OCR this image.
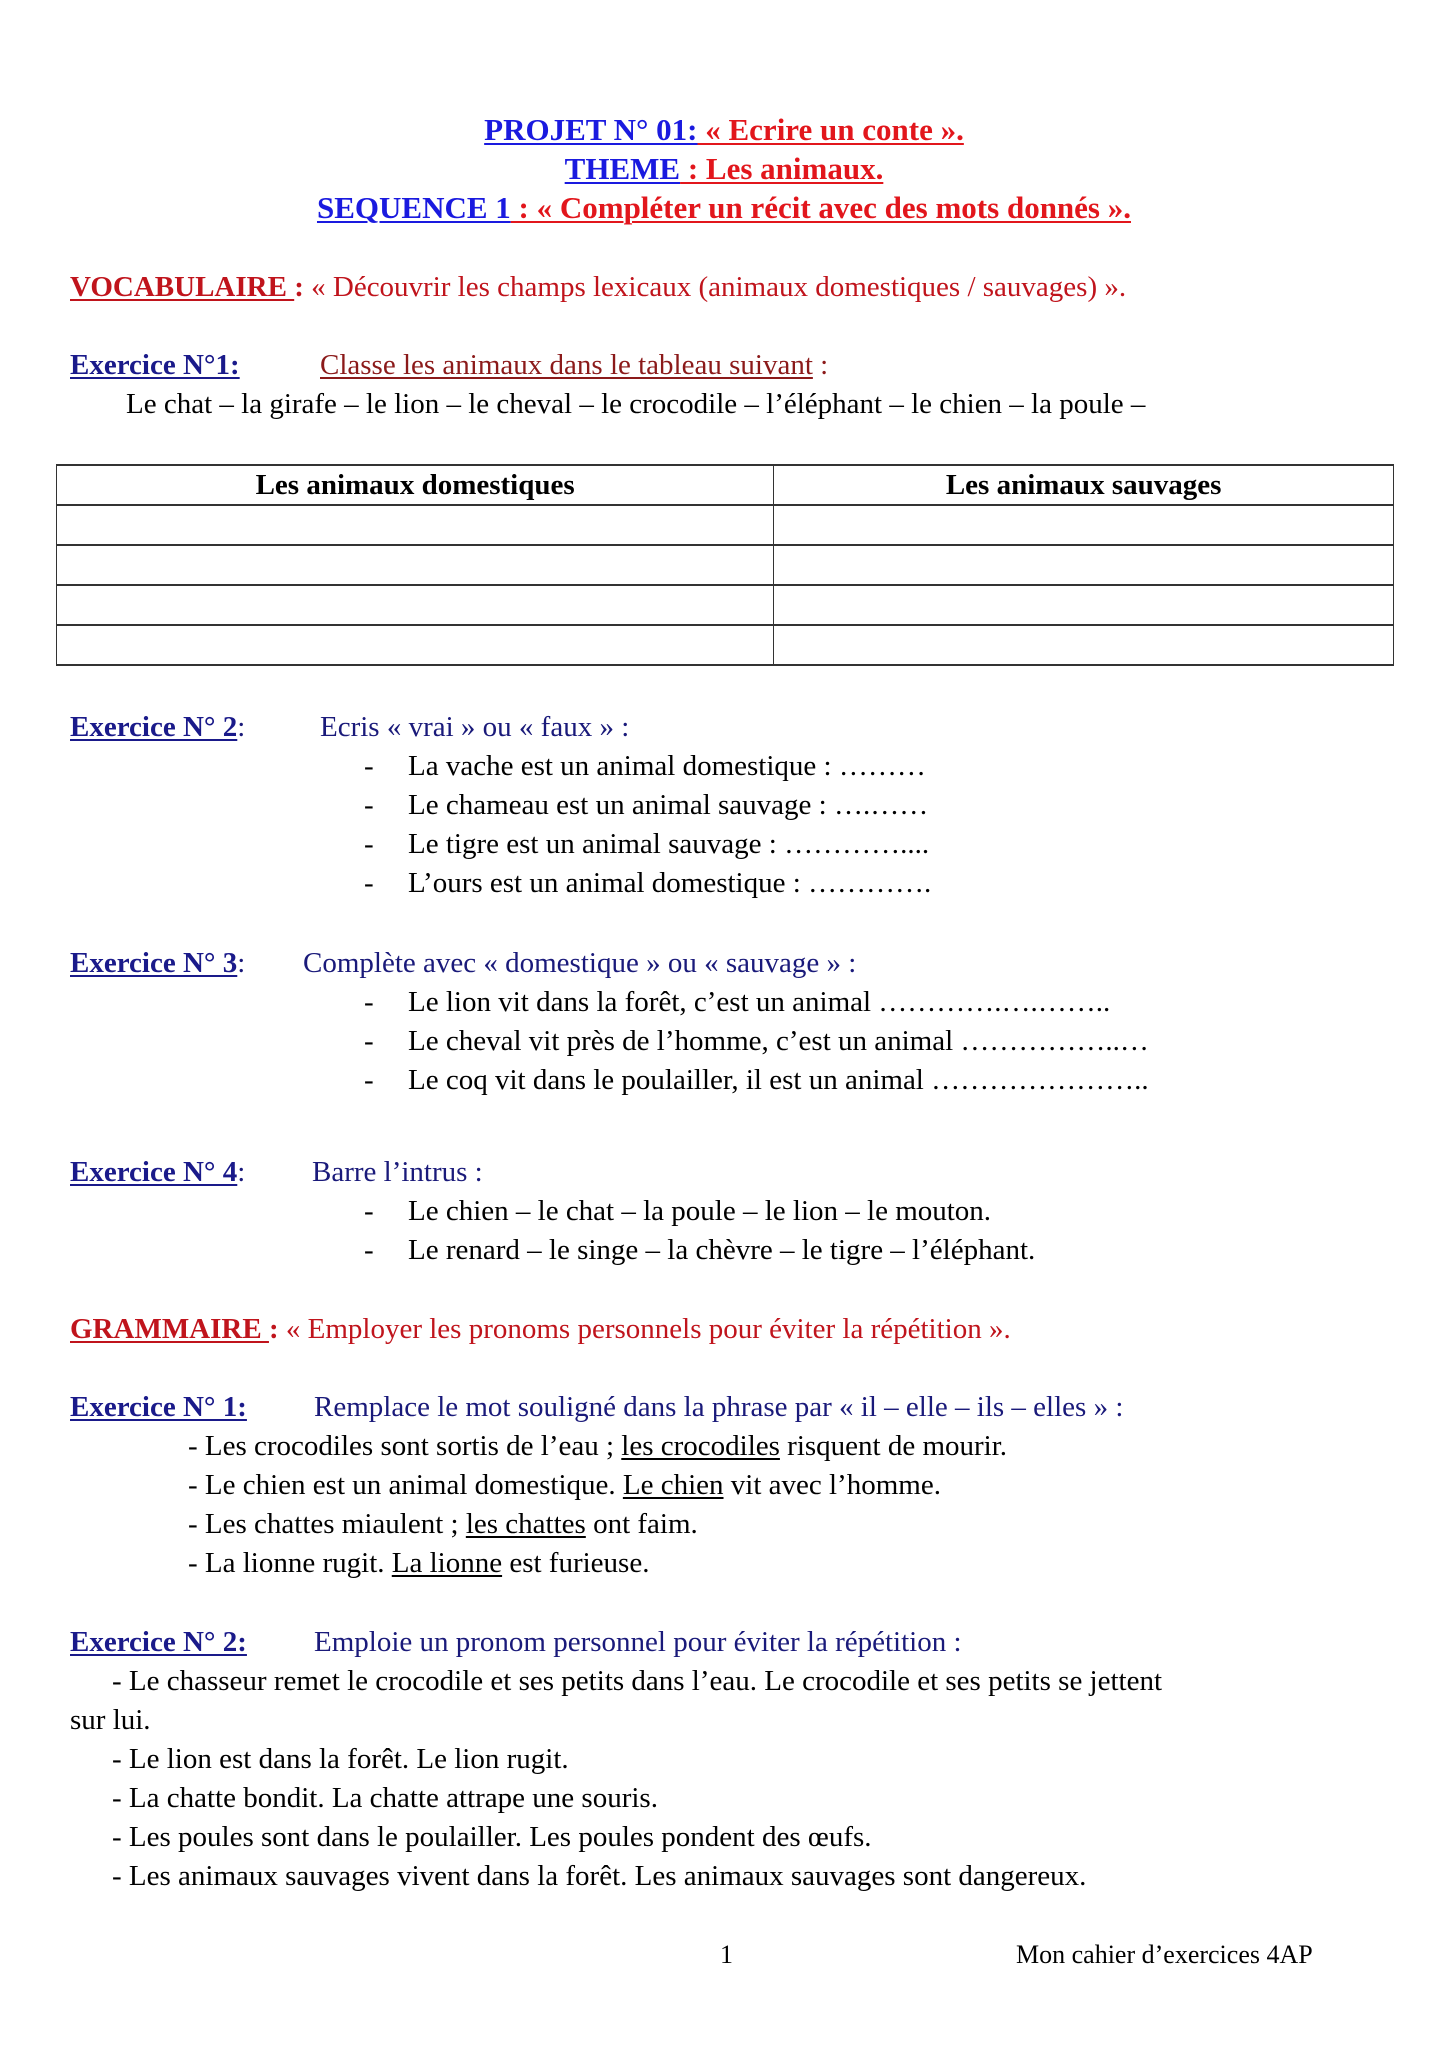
PROJET N° 01: « Ecrire un conte ».
THEME : Les animaux.
SEQUENCE 1 : « Compléter un récit avec des mots donnés ».
VOCABULAIRE : « Découvrir les champs lexicaux (animaux domestiques / sauvages) ».
Exercice N°1:	Classe les animaux dans le tableau suivant :
Le chat – la girafe – le lion – le cheval – le crocodile – l’éléphant – le chien – la poule –
Les animaux domestiques	Les animaux sauvages

Exercice N° 2:	Ecris « vrai » ou « faux » :
- La vache est un animal domestique : ………
- Le chameau est un animal sauvage : ….……
- Le tigre est un animal sauvage : …………....
- L’ours est un animal domestique : ………….
Exercice N° 3: Complète avec « domestique » ou « sauvage » :
- Le lion vit dans la forêt, c’est un animal ………….….……..
- Le cheval vit près de l’homme, c’est un animal ……………..…
- Le coq vit dans le poulailler, il est un animal …………………..
Exercice N° 4: Barre l’intrus :
- Le chien – le chat – la poule – le lion – le mouton.
- Le renard – le singe – la chèvre – le tigre – l’éléphant.
GRAMMAIRE : « Employer les pronoms personnels pour éviter la répétition ».
Exercice N° 1: Remplace le mot souligné dans la phrase par « il – elle – ils – elles » :
- Les crocodiles sont sortis de l’eau ; les crocodiles risquent de mourir.
- Le chien est un animal domestique. Le chien vit avec l’homme.
- Les chattes miaulent ; les chattes ont faim.
- La lionne rugit. La lionne est furieuse.
Exercice N° 2: Emploie un pronom personnel pour éviter la répétition :
- Le chasseur remet le crocodile et ses petits dans l’eau. Le crocodile et ses petits se jettent
sur lui.
- Le lion est dans la forêt. Le lion rugit.
- La chatte bondit. La chatte attrape une souris.
- Les poules sont dans le poulailler. Les poules pondent des œufs.
- Les animaux sauvages vivent dans la forêt. Les animaux sauvages sont dangereux.
1	Mon cahier d’exercices 4AP
